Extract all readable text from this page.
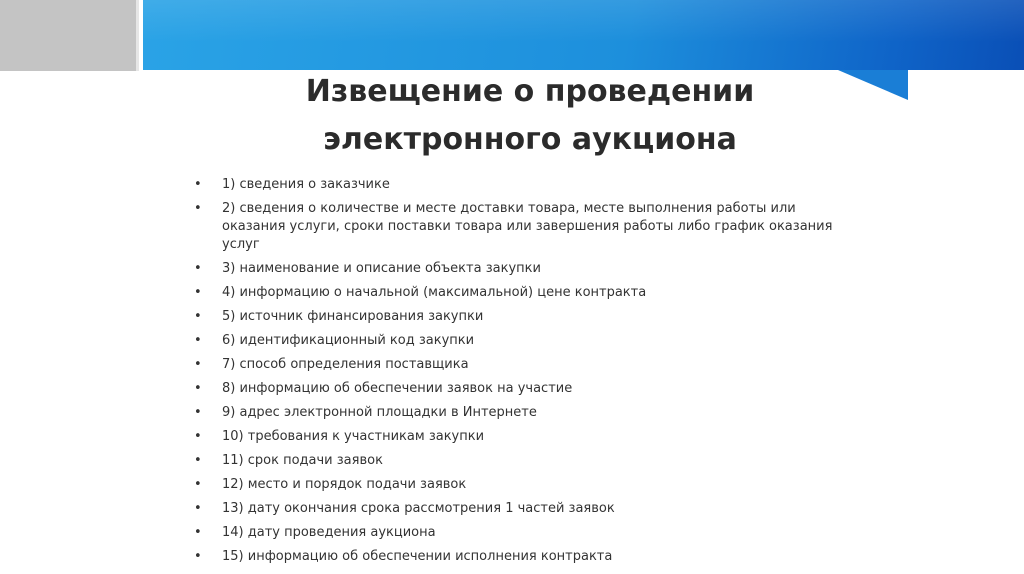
Извещение о проведении
электронного аукциона
• 1) сведения о заказчике
• 2) сведения о количестве и месте доставки товара, месте выполнения работы или оказания услуги, сроки поставки товара или завершения работы либо график оказания услуг
• 3) наименование и описание объекта закупки
• 4) информацию о начальной (максимальной) цене контракта
• 5) источник финансирования закупки
• 6) идентификационный код закупки
• 7) способ определения поставщика
• 8) информацию об обеспечении заявок на участие
• 9) адрес электронной площадки в Интернете
• 10) требования к участникам закупки
• 11) срок подачи заявок
• 12) место и порядок подачи заявок
• 13) дату окончания срока рассмотрения 1 частей заявок
• 14) дату проведения аукциона
• 15) информацию об обеспечении исполнения контракта
